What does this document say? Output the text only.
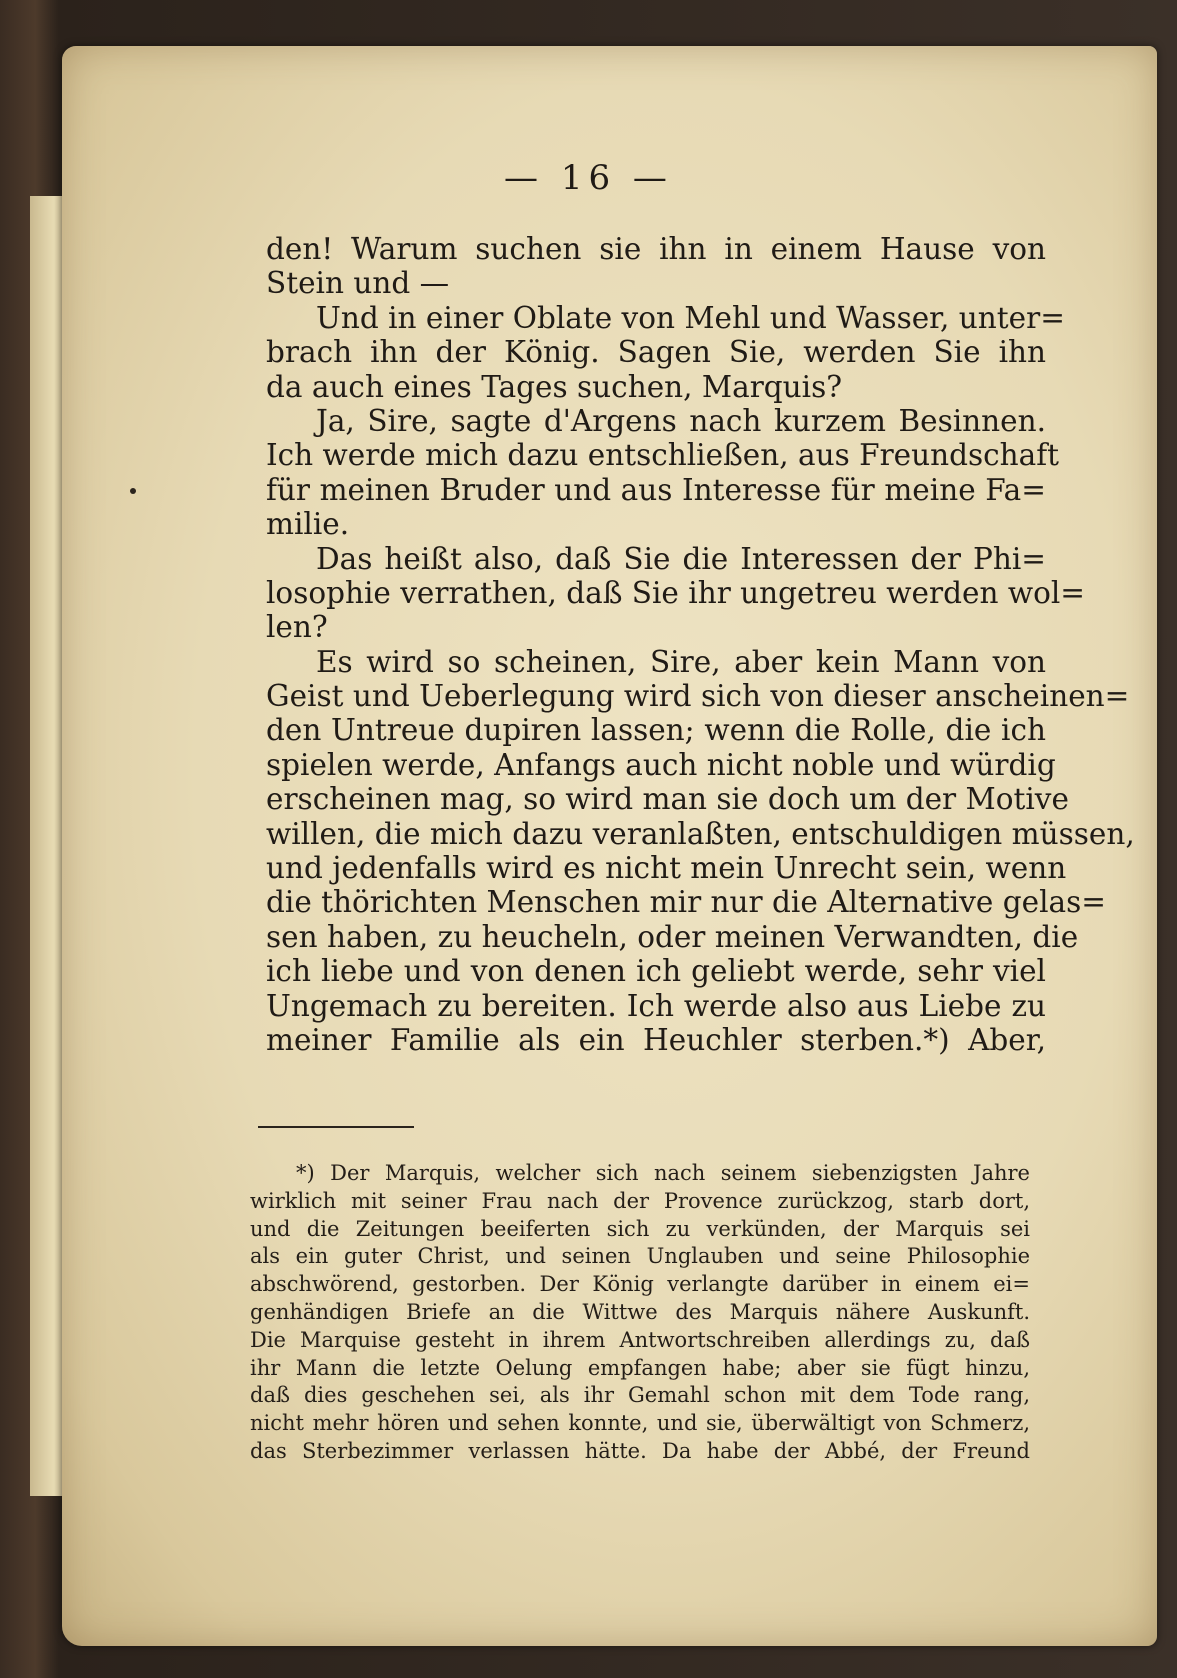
— 16 —
den! Warum suchen sie ihn in einem Hause von
Stein und —
Und in einer Oblate von Mehl und Wasser, unter=
brach ihn der König. Sagen Sie, werden Sie ihn
da auch eines Tages suchen, Marquis?
Ja, Sire, sagte d'Argens nach kurzem Besinnen.
Ich werde mich dazu entschließen, aus Freundschaft
für meinen Bruder und aus Interesse für meine Fa=
milie.
Das heißt also, daß Sie die Interessen der Phi=
losophie verrathen, daß Sie ihr ungetreu werden wol=
len?
Es wird so scheinen, Sire, aber kein Mann von
Geist und Ueberlegung wird sich von dieser anscheinen=
den Untreue dupiren lassen; wenn die Rolle, die ich
spielen werde, Anfangs auch nicht noble und würdig
erscheinen mag, so wird man sie doch um der Motive
willen, die mich dazu veranlaßten, entschuldigen müssen,
und jedenfalls wird es nicht mein Unrecht sein, wenn
die thörichten Menschen mir nur die Alternative gelas=
sen haben, zu heucheln, oder meinen Verwandten, die
ich liebe und von denen ich geliebt werde, sehr viel
Ungemach zu bereiten. Ich werde also aus Liebe zu
meiner Familie als ein Heuchler sterben.*) Aber,
*) Der Marquis, welcher sich nach seinem siebenzigsten Jahre
wirklich mit seiner Frau nach der Provence zurückzog, starb dort,
und die Zeitungen beeiferten sich zu verkünden, der Marquis sei
als ein guter Christ, und seinen Unglauben und seine Philosophie
abschwörend, gestorben. Der König verlangte darüber in einem ei=
genhändigen Briefe an die Wittwe des Marquis nähere Auskunft.
Die Marquise gesteht in ihrem Antwortschreiben allerdings zu, daß
ihr Mann die letzte Oelung empfangen habe; aber sie fügt hinzu,
daß dies geschehen sei, als ihr Gemahl schon mit dem Tode rang,
nicht mehr hören und sehen konnte, und sie, überwältigt von Schmerz,
das Sterbezimmer verlassen hätte. Da habe der Abbé, der Freund
